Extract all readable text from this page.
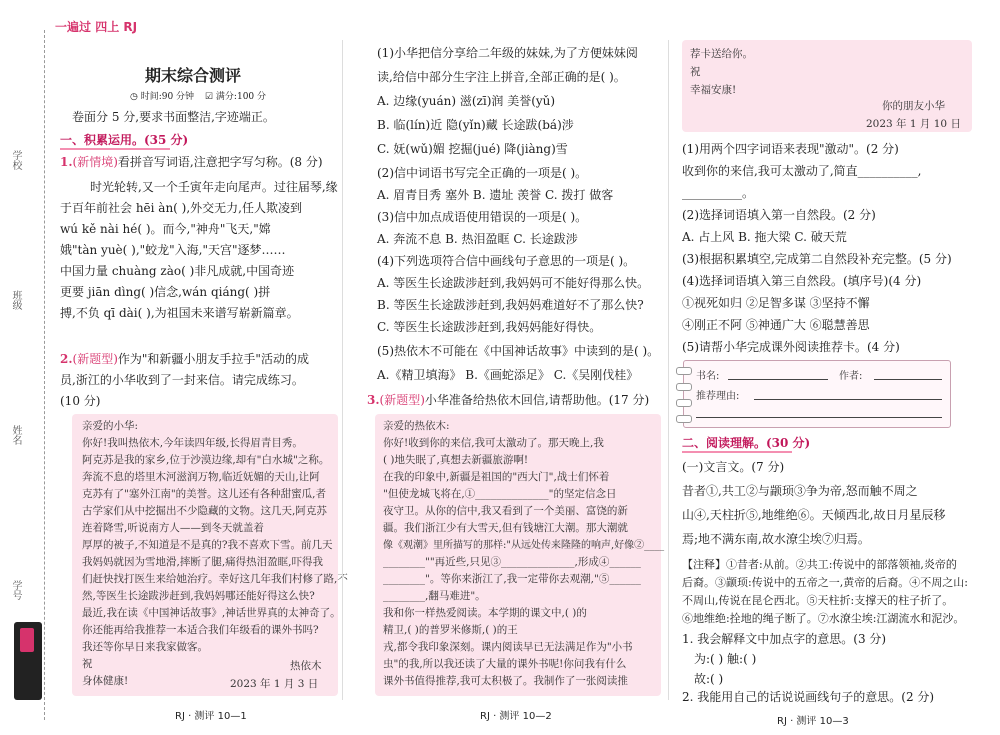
学校
班级
姓名
学号
一遍过 四上 RJ
期末综合测评
◷ 时间:90 分钟 ☑ 满分:100 分
卷面分 5 分,要求书面整洁,字迹端正。
一、积累运用。(35 分)
1.(新情境)看拼音写词语,注意把字写匀称。(8 分)
时光轮转,又一个壬寅年走向尾声。过往届琴,缘
于百年前社会 hēi àn( ),外交无力,任人欺凌到
wú kě nài hé( )。而今,"神舟"飞天,"嫦
娥"tàn yuè( ),"蛟龙"入海,"天宫"逐梦……
中国力量 chuàng zào( )非凡成就,中国奇迹
更要 jiān dìng( )信念,wán qiáng( )拼
搏,不负 qī dài( ),为祖国未来谱写崭新篇章。
2.(新题型)作为"和新疆小朋友手拉手"活动的成
员,浙江的小华收到了一封来信。请完成练习。
(10 分)
亲爱的小华:
你好!我叫热依木,今年读四年级,长得眉青目秀。
阿克苏是我的家乡,位于沙漠边缘,却有"白水城"之称。
奔流不息的塔里木河滋润万物,临近妩媚的天山,让阿
克苏有了"塞外江南"的美誉。这儿还有各种甜蜜瓜,者
古学家们从中挖掘出不少隐藏的文物。这几天,阿克苏
连着降雪,听说南方人——到冬天就盖着
厚厚的被子,不知道是不是真的?我不喜欢下雪。前几天
我妈妈就因为雪地滑,摔断了腿,痛得热泪盈眶,吓得我
们赶快找打医生来给她治疗。幸好这几年我们村修了路,不
然,等医生长途跋涉赶到,我妈妈哪还能好得这么快?
最近,我在读《中国神话故事》,神话世界真的太神奇了。
你还能再给我推荐一本适合我们年级看的课外书吗?
我还等你早日来我家做客。
祝
身体健康!
热依木
2023 年 1 月 3 日
RJ · 测评 10—1
(1)小华把信分享给二年级的妹妹,为了方便妹妹阅
读,给信中部分生字注上拼音,全部正确的是( )。
A. 边缘(yuán) 滋(zī)润 美誉(yǔ)
B. 临(lín)近 隐(yǐn)藏 长途跋(bá)涉
C. 妩(wǔ)媚 挖掘(jué) 降(jiàng)雪
(2)信中词语书写完全正确的一项是( )。
A. 眉青目秀 塞外 B. 遗址 羡誉 C. 拨打 做客
(3)信中加点成语使用错误的一项是( )。
A. 奔流不息 B. 热泪盈眶 C. 长途跋涉
(4)下列选项符合信中画线句子意思的一项是( )。
A. 等医生长途跋涉赶到,我妈妈可不能好得那么快。
B. 等医生长途跋涉赶到,我妈妈难道好不了那么快?
C. 等医生长途跋涉赶到,我妈妈能好得快。
(5)热依木不可能在《中国神话故事》中读到的是( )。
A.《精卫填海》 B.《画蛇添足》 C.《吴刚伐桂》
3.(新题型)小华准备给热依木回信,请帮助他。(17 分)
亲爱的热依木:
你好!收到你的来信,我可太激动了。那天晚上,我
( )地失眠了,真想去新疆旅游啊!
在我的印象中,新疆是祖国的"西大门",战士们怀着
"但使龙城飞将在,①______________"的坚定信念日
夜守卫。从你的信中,我又看到了一个美丽、富饶的新
疆。我们浙江少有大雪天,但有钱塘江大潮。那大潮就
像《观潮》里所描写的那样:"从远处传来隆隆的响声,好像②____
________""再近些,只见③______________,形成④______
________"。等你来浙江了,我一定带你去观潮,"⑤______
________,翻马难进"。
我和你一样热爱阅读。本学期的课文中,( )的
精卫,( )的普罗米修斯,( )的王
戎,都令我印象深刻。课内阅读早已无法满足作为"小书
虫"的我,所以我还读了大量的课外书呢!你问我有什么
课外书值得推荐,我可太积极了。我制作了一张阅读推
RJ · 测评 10—2
荐卡送给你。
祝
幸福安康!
你的朋友小华
2023 年 1 月 10 日
(1)用两个四字词语来表现"激动"。(2 分)
收到你的来信,我可太激动了,简直__________,
__________。
(2)选择词语填入第一自然段。(2 分)
A. 占上风 B. 拖大梁 C. 破天荒
(3)根据积累填空,完成第二自然段补充完整。(5 分)
(4)选择词语填入第三自然段。(填序号)(4 分)
①视死如归 ②足智多谋 ③坚持不懈
④刚正不阿 ⑤神通广大 ⑥聪慧善思
(5)请帮小华完成课外阅读推荐卡。(4 分)
书名:	作者:
推荐理由:
二、阅读理解。(30 分)
(一)文言文。(7 分)
昔者①,共工②与颛顼③争为帝,怒而触不周之
山④,天柱折⑤,地维绝⑥。天倾西北,故日月星辰移
焉;地不满东南,故水潦尘埃⑦归焉。
【注释】①昔者:从前。②共工:传说中的部落领袖,炎帝的
后裔。③颛顼:传说中的五帝之一,黄帝的后裔。④不周之山:
不周山,传说在昆仑西北。⑤天柱折:支撑天的柱子折了。
⑥地维绝:拴地的绳子断了。⑦水潦尘埃:江湖流水和泥沙。
1. 我会解释文中加点字的意思。(3 分)
为:( ) 触:( )
故:( )
2. 我能用自己的话说说画线句子的意思。(2 分)
RJ · 测评 10—3
